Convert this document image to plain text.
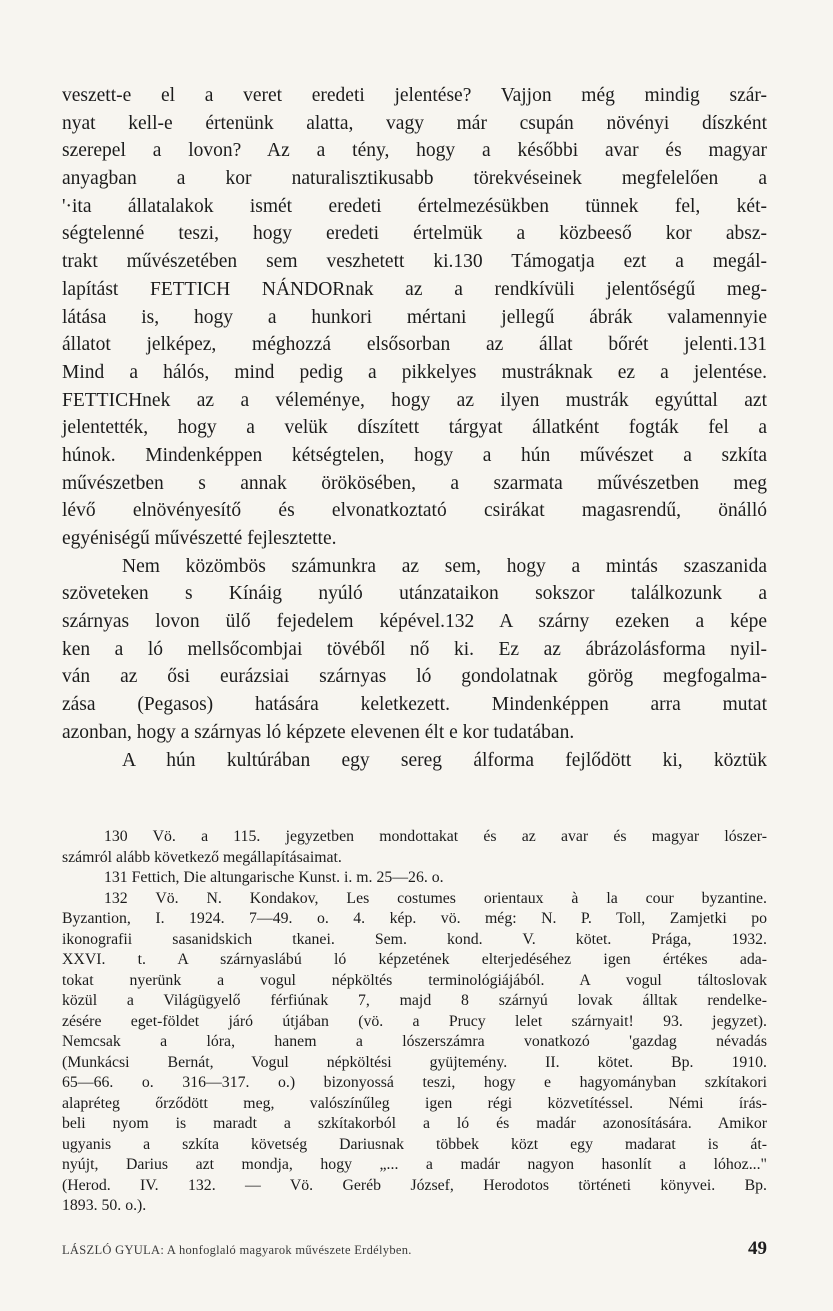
veszett-e el a veret eredeti jelentése? Vajjon még mindig szár-
nyat kell-e értenünk alatta, vagy már csupán növényi díszként
szerepel a lovon? Az a tény, hogy a későbbi avar és magyar
anyagban a kor naturalisztikusabb törekvéseinek megfelelően a
'·ita állatalakok ismét eredeti értelmezésükben tünnek fel, két-
ségtelenné teszi, hogy eredeti értelmük a közbeeső kor absz-
trakt művészetében sem veszhetett ki.130 Támogatja ezt a megál-
lapítást FETTICH NÁNDORnak az a rendkívüli jelentőségű meg-
látása is, hogy a hunkori mértani jellegű ábrák valamennyie
állatot jelképez, méghozzá elsősorban az állat bőrét jelenti.131
Mind a hálós, mind pedig a pikkelyes mustráknak ez a jelentése.
FETTICHnek az a véleménye, hogy az ilyen mustrák egyúttal azt
jelentették, hogy a velük díszített tárgyat állatként fogták fel a
húnok. Mindenképpen kétségtelen, hogy a hún művészet a szkíta
művészetben s annak örökösében, a szarmata művészetben meg
lévő elnövényesítő és elvonatkoztató csirákat magasrendű, önálló
egyéniségű művészetté fejlesztette.
Nem közömbös számunkra az sem, hogy a mintás szaszanida
szöveteken s Kínáig nyúló utánzataikon sokszor találkozunk a
szárnyas lovon ülő fejedelem képével.132 A szárny ezeken a képe
ken a ló mellsőcombjai tövéből nő ki. Ez az ábrázolásforma nyil-
ván az ősi eurázsiai szárnyas ló gondolatnak görög megfogalma-
zása (Pegasos) hatására keletkezett. Mindenképpen arra mutat
azonban, hogy a szárnyas ló képzete elevenen élt e kor tudatában.
A hún kultúrában egy sereg álforma fejlődött ki, köztük
130 Vö. a 115. jegyzetben mondottakat és az avar és magyar lószer-
számról alább következő megállapításaimat.
131 Fettich, Die altungarische Kunst. i. m. 25—26. o.
132 Vö. N. Kondakov, Les costumes orientaux à la cour byzantine.
Byzantion, I. 1924. 7—49. o. 4. kép. vö. még: N. P. Toll, Zamjetki po
ikonografii sasanidskich tkanei. Sem. kond. V. kötet. Prága, 1932.
XXVI. t. A szárnyaslábú ló képzetének elterjedéséhez igen értékes ada-
tokat nyerünk a vogul népköltés terminológiájából. A vogul táltoslovak
közül a Világügyelő férfiúnak 7, majd 8 szárnyú lovak álltak rendelke-
zésére eget-földet járó útjában (vö. a Prucy lelet szárnyait! 93. jegyzet).
Nemcsak a lóra, hanem a lószerszámra vonatkozó 'gazdag névadás
(Munkácsi Bernát, Vogul népköltési gyüjtemény. II. kötet. Bp. 1910.
65—66. o. 316—317. o.) bizonyossá teszi, hogy e hagyományban szkítakori
alapréteg őrződött meg, valószínűleg igen régi közvetítéssel. Némi írás-
beli nyom is maradt a szkítakorból a ló és madár azonosítására. Amikor
ugyanis a szkíta követség Dariusnak többek közt egy madarat is át-
nyújt, Darius azt mondja, hogy „... a madár nagyon hasonlít a lóhoz..."
(Herod. IV. 132. — Vö. Geréb József, Herodotos történeti könyvei. Bp.
1893. 50. o.).
LÁSZLÓ GYULA: A honfoglaló magyarok művészete Erdélyben.	49
